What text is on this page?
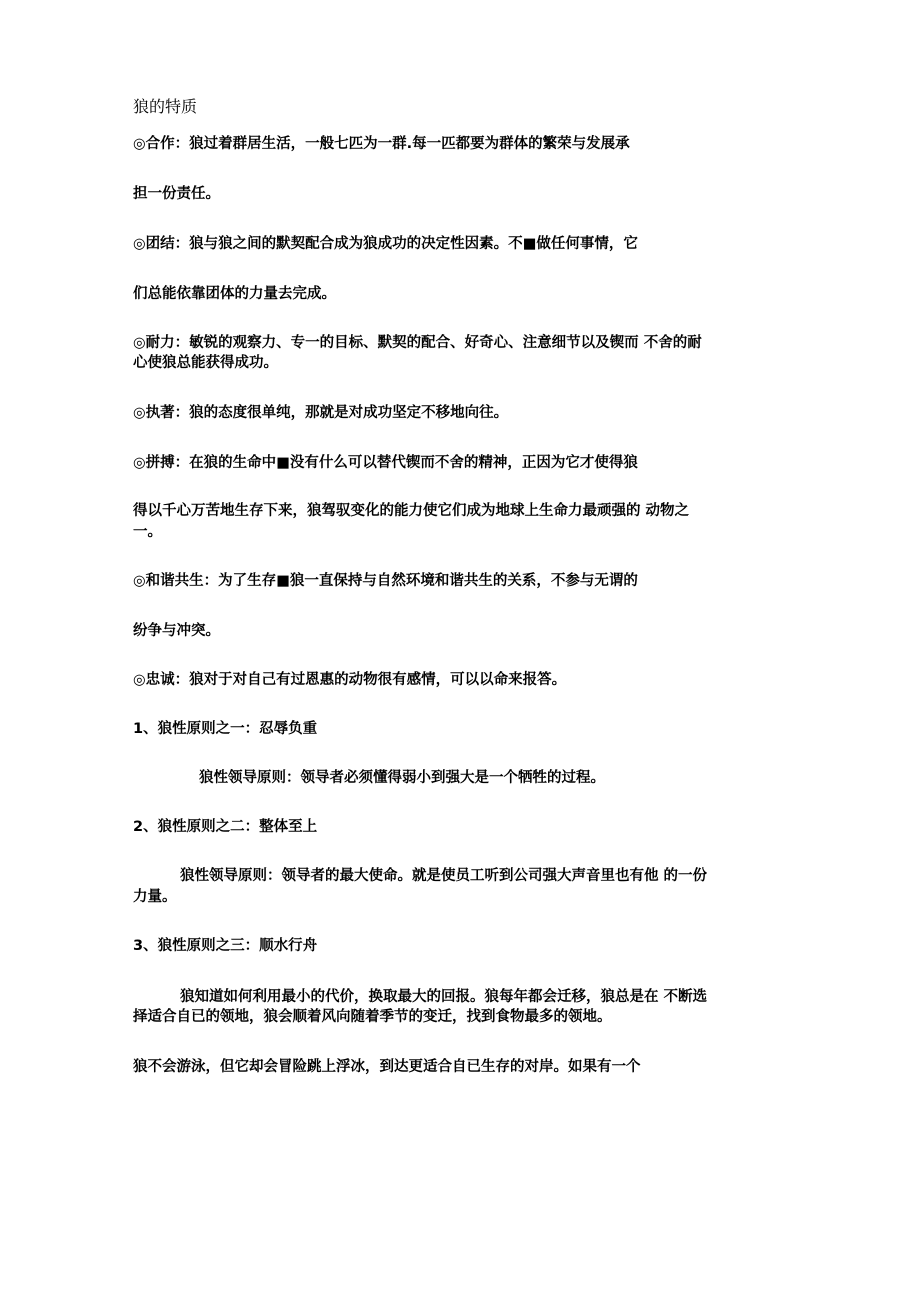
狼的特质
◎合作：狼过着群居生活，一般七匹为一群.每一匹都要为群体的繁荣与发展承
担一份责任。
◎团结：狼与狼之间的默契配合成为狼成功的决定性因素。不■做任何事情，它
们总能依靠团体的力量去完成。
◎耐力：敏锐的观察力、专一的目标、默契的配合、好奇心、注意细节以及锲而 不舍的耐
心使狼总能获得成功。
◎执著：狼的态度很单纯，那就是对成功坚定不移地向往。
◎拼搏：在狼的生命中■没有什么可以替代锲而不舍的精神，正因为它才使得狼
得以千心万苦地生存下来，狼驾驭变化的能力使它们成为地球上生命力最顽强的 动物之
一。
◎和谐共生：为了生存■狼一直保持与自然环境和谐共生的关系，不参与无谓的
纷争与冲突。
◎忠诚：狼对于对自己有过恩惠的动物很有感情，可以以命来报答。
1、狼性原则之一：忍辱负重
狼性领导原则：领导者必须懂得弱小到强大是一个牺牲的过程。
2、狼性原则之二：整体至上
狼性领导原则：领导者的最大使命。就是使员工听到公司强大声音里也有他 的一份
力量。
3、狼性原则之三：顺水行舟
狼知道如何利用最小的代价，换取最大的回报。狼每年都会迁移，狼总是在 不断选
择适合自已的领地，狼会顺着风向随着季节的变迁，找到食物最多的领地。
狼不会游泳，但它却会冒险跳上浮冰，到达更适合自已生存的对岸。如果有一个
